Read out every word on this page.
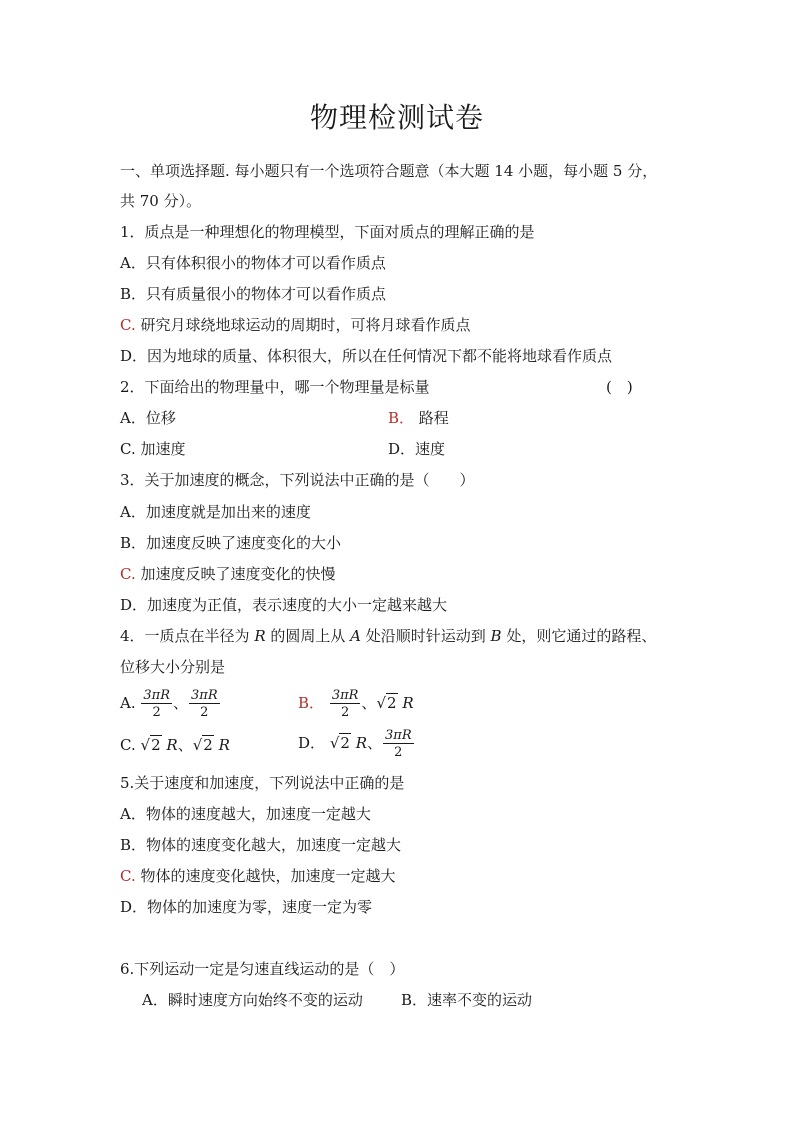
物理检测试卷
一、单项选择题. 每小题只有一个选项符合题意（本大题 14 小题，每小题 5 分，
共 70 分）。
1．质点是一种理想化的物理模型，下面对质点的理解正确的是
A．只有体积很小的物体才可以看作质点
B．只有质量很小的物体才可以看作质点
C. 研究月球绕地球运动的周期时，可将月球看作质点
D．因为地球的质量、体积很大，所以在任何情况下都不能将地球看作质点
2．下面给出的物理量中，哪一个物理量是标量	(　)
A．位移	B． 路程
C. 加速度	D．速度
3．关于加速度的概念，下列说法中正确的是（　　）
A．加速度就是加出来的速度
B．加速度反映了速度变化的大小
C. 加速度反映了速度变化的快慢
D．加速度为正值，表示速度的大小一定越来越大
4．一质点在半径为 R 的圆周上从 A 处沿顺时针运动到 B 处，则它通过的路程、
位移大小分别是
A. $\frac{3\pi R}{2}$ 、 $\frac{3\pi R}{2}$	B． $\frac{3\pi R}{2}$ 、√2 R
C. √2 R、√2 R	D． √2 R、 $\frac{3\pi R}{2}$
5.关于速度和加速度，下列说法中正确的是
A．物体的速度越大，加速度一定越大
B．物体的速度变化越大，加速度一定越大
C. 物体的速度变化越快，加速度一定越大
D．物体的加速度为零，速度一定为零
6.下列运动一定是匀速直线运动的是（　）
A．瞬时速度方向始终不变的运动	B．速率不变的运动
